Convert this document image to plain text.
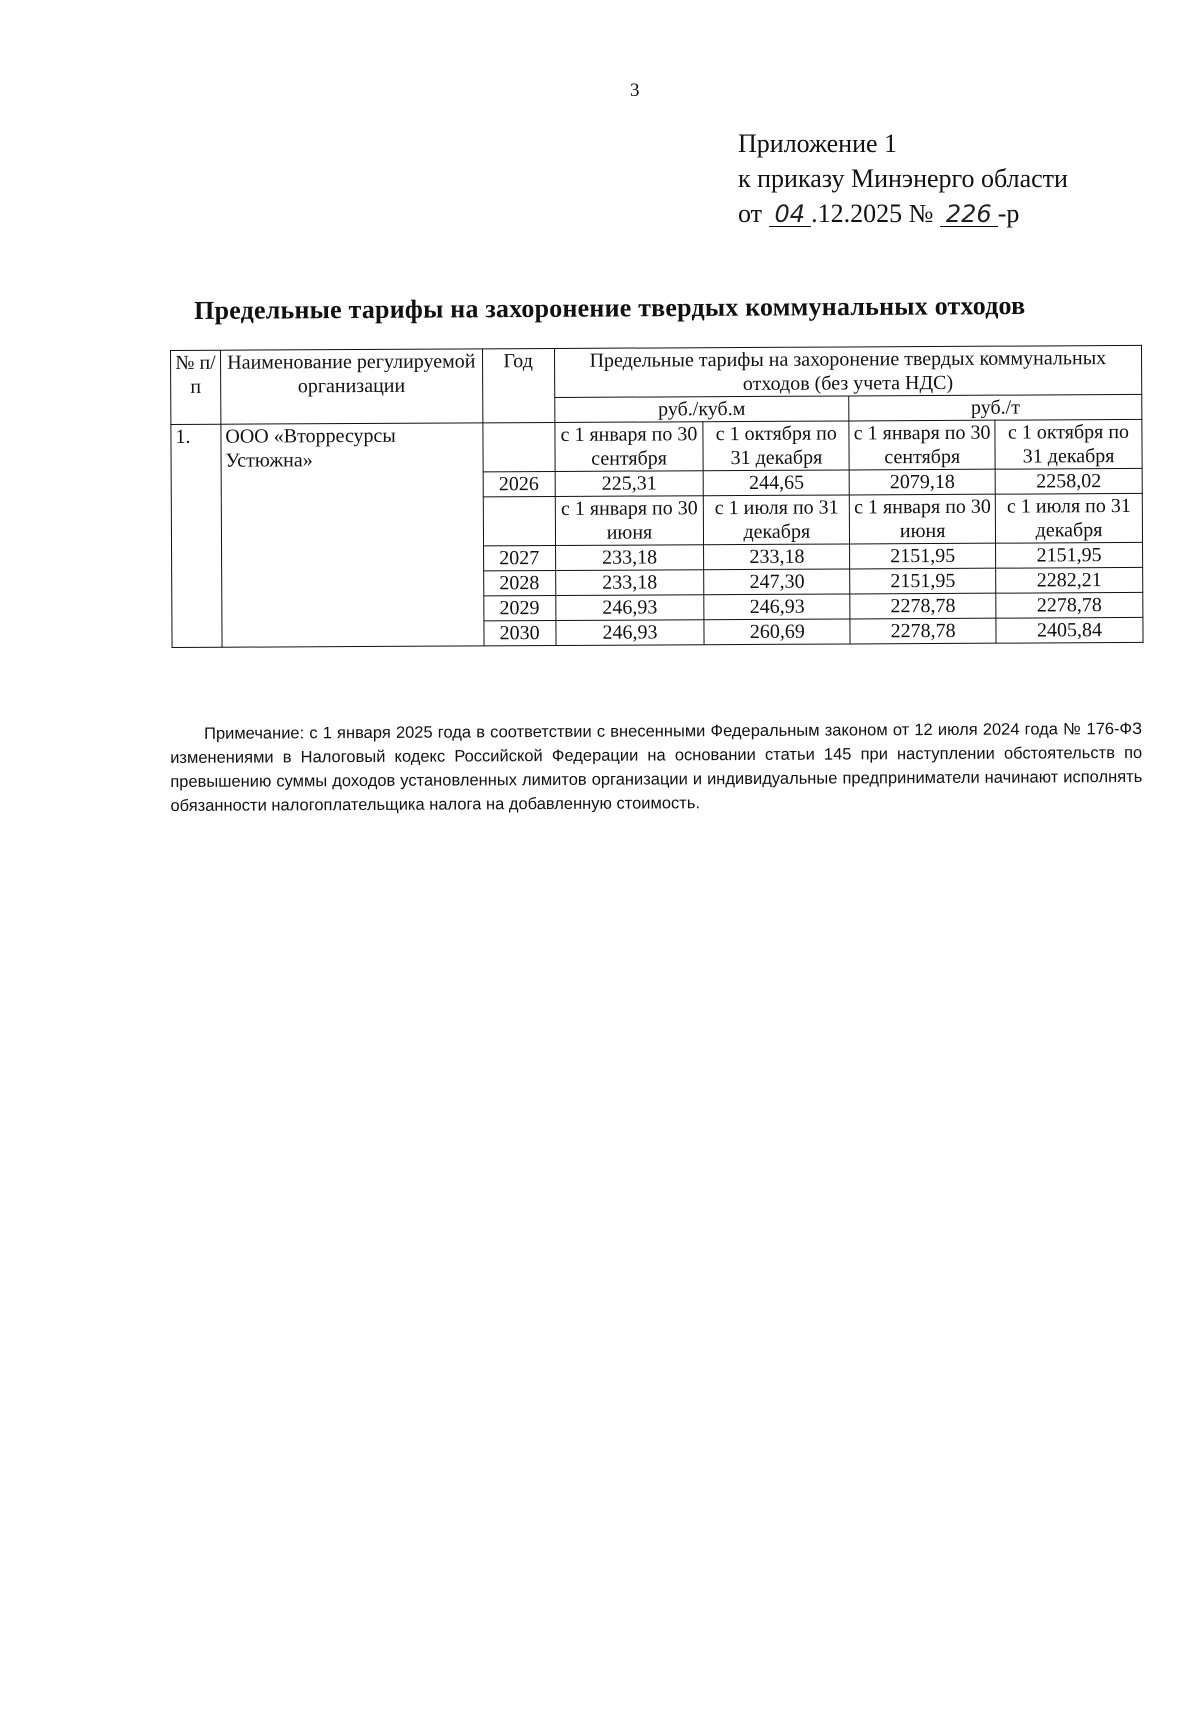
3
Приложение 1
к приказу Минэнерго области
от 04 .12.2025 № 226 -р
Предельные тарифы на захоронение твердых коммунальных отходов
№ п/п	Наименование регулируемой организации	Год	Предельные тарифы на захоронение твердых коммунальных отходов (без учета НДС)			
			руб./куб.м		руб./т	
1.	ООО «Вторресурсы Устюжна»		с 1 января по 30 сентября	с 1 октября по 31 декабря	с 1 января по 30 сентября	с 1 октября по 31 декабря
		2026	225,31	244,65	2079,18	2258,02
			с 1 января по 30 июня	с 1 июля по 31 декабря	с 1 января по 30 июня	с 1 июля по 31 декабря
		2027	233,18	233,18	2151,95	2151,95
		2028	233,18	247,30	2151,95	2282,21
		2029	246,93	246,93	2278,78	2278,78
		2030	246,93	260,69	2278,78	2405,84
Примечание: с 1 января 2025 года в соответствии с внесенными Федеральным законом от 12 июля 2024 года № 176-ФЗ изменениями в Налоговый кодекс Российской Федерации на основании статьи 145 при наступлении обстоятельств по превышению суммы доходов установленных лимитов организации и индивидуальные предприниматели начинают исполнять обязанности налогоплательщика налога на добавленную стоимость.
